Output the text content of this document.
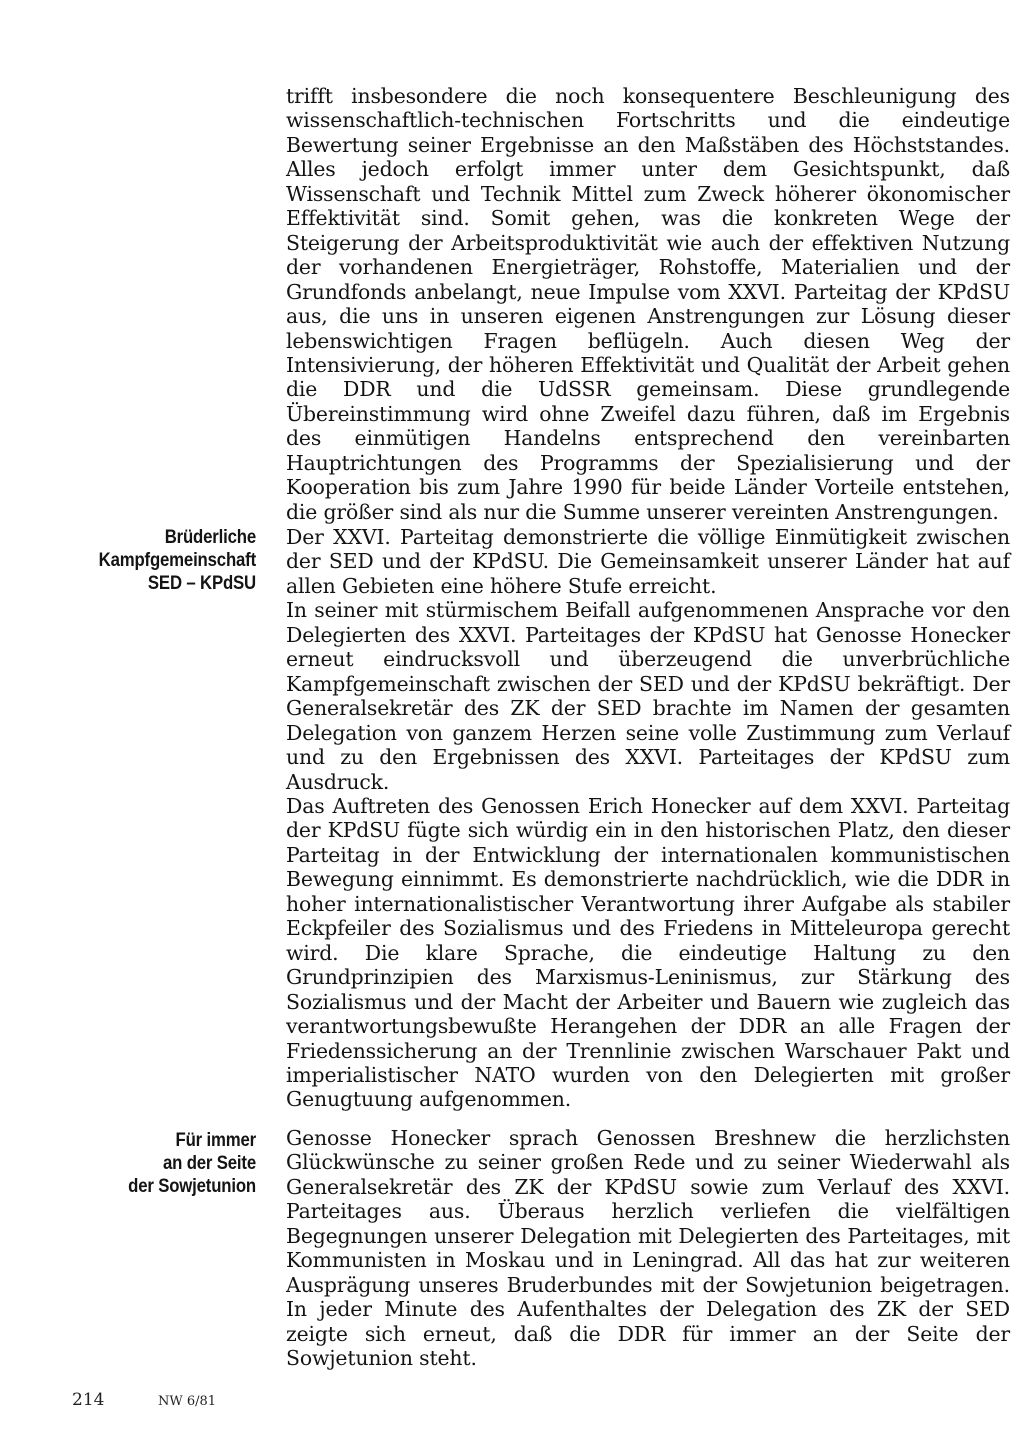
trifft insbesondere die noch konsequentere Beschleunigung des wissenschaftlich-technischen Fortschritts und die eindeutige Bewertung seiner Ergebnisse an den Maßstäben des Höchststandes. Alles jedoch erfolgt immer unter dem Gesichtspunkt, daß Wissenschaft und Technik Mittel zum Zweck höherer ökonomischer Effektivität sind. Somit gehen, was die konkreten Wege der Steigerung der Arbeitsproduktivität wie auch der effektiven Nutzung der vorhandenen Energieträger, Rohstoffe, Materialien und der Grundfonds anbelangt, neue Impulse vom XXVI. Parteitag der KPdSU aus, die uns in unseren eigenen Anstrengungen zur Lösung dieser lebenswichtigen Fragen beflügeln. Auch diesen Weg der Intensivierung, der höheren Effektivität und Qualität der Arbeit gehen die DDR und die UdSSR gemeinsam. Diese grundlegende Übereinstimmung wird ohne Zweifel dazu führen, daß im Ergebnis des einmütigen Handelns entsprechend den vereinbarten Hauptrichtungen des Programms der Spezialisierung und der Kooperation bis zum Jahre 1990 für beide Länder Vorteile entstehen, die größer sind als nur die Summe unserer vereinten Anstrengungen.

Brüderliche
Kampfgemeinschaft
SED – KPdSU

Der XXVI. Parteitag demonstrierte die völlige Einmütigkeit zwischen der SED und der KPdSU. Die Gemeinsamkeit unserer Länder hat auf allen Gebieten eine höhere Stufe erreicht.

In seiner mit stürmischem Beifall aufgenommenen Ansprache vor den Delegierten des XXVI. Parteitages der KPdSU hat Genosse Honecker erneut eindrucksvoll und überzeugend die unverbrüchliche Kampfgemeinschaft zwischen der SED und der KPdSU bekräftigt. Der Generalsekretär des ZK der SED brachte im Namen der gesamten Delegation von ganzem Herzen seine volle Zustimmung zum Verlauf und zu den Ergebnissen des XXVI. Parteitages der KPdSU zum Ausdruck.

Das Auftreten des Genossen Erich Honecker auf dem XXVI. Parteitag der KPdSU fügte sich würdig ein in den historischen Platz, den dieser Parteitag in der Entwicklung der internationalen kommunistischen Bewegung einnimmt. Es demonstrierte nachdrücklich, wie die DDR in hoher internationalistischer Verantwortung ihrer Aufgabe als stabiler Eckpfeiler des Sozialismus und des Friedens in Mitteleuropa gerecht wird. Die klare Sprache, die eindeutige Haltung zu den Grundprinzipien des Marxismus-Leninismus, zur Stärkung des Sozialismus und der Macht der Arbeiter und Bauern wie zugleich das verantwortungsbewußte Herangehen der DDR an alle Fragen der Friedenssicherung an der Trennlinie zwischen Warschauer Pakt und imperialistischer NATO wurden von den Delegierten mit großer Genugtuung aufgenommen.

Für immer
an der Seite
der Sowjetunion

Genosse Honecker sprach Genossen Breshnew die herzlichsten Glückwünsche zu seiner großen Rede und zu seiner Wiederwahl als Generalsekretär des ZK der KPdSU sowie zum Verlauf des XXVI. Parteitages aus. Überaus herzlich verliefen die vielfältigen Begegnungen unserer Delegation mit Delegierten des Parteitages, mit Kommunisten in Moskau und in Leningrad. All das hat zur weiteren Ausprägung unseres Bruderbundes mit der Sowjetunion beigetragen. In jeder Minute des Aufenthaltes der Delegation des ZK der SED zeigte sich erneut, daß die DDR für immer an der Seite der Sowjetunion steht.

214	NW 6/81
